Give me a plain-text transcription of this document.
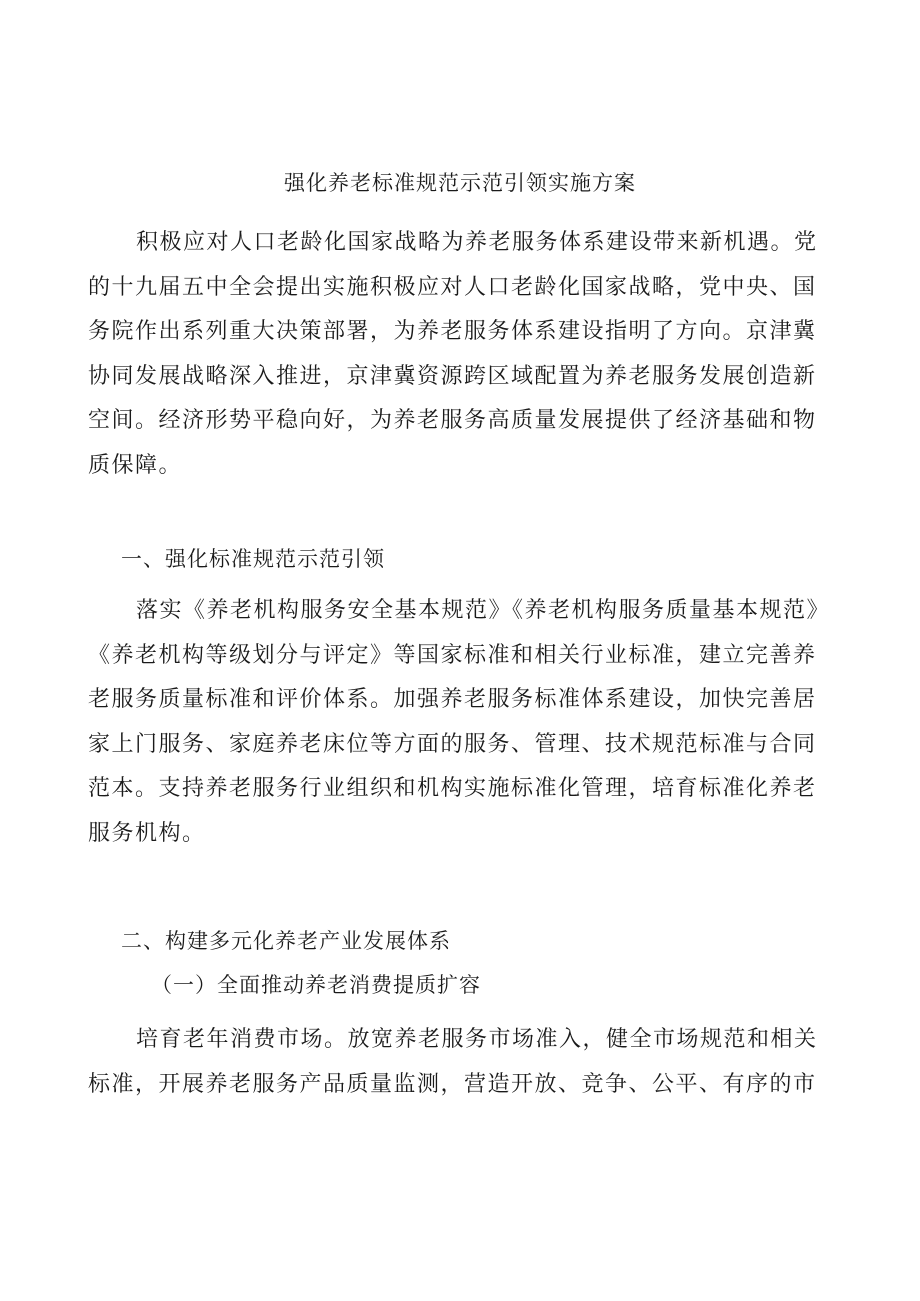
强化养老标准规范示范引领实施方案
积极应对人口老龄化国家战略为养老服务体系建设带来新机遇。党
的十九届五中全会提出实施积极应对人口老龄化国家战略，党中央、国
务院作出系列重大决策部署，为养老服务体系建设指明了方向。京津冀
协同发展战略深入推进，京津冀资源跨区域配置为养老服务发展创造新
空间。经济形势平稳向好，为养老服务高质量发展提供了经济基础和物
质保障。
一、强化标准规范示范引领
落实《养老机构服务安全基本规范》《养老机构服务质量基本规范》
《养老机构等级划分与评定》等国家标准和相关行业标准，建立完善养
老服务质量标准和评价体系。加强养老服务标准体系建设，加快完善居
家上门服务、家庭养老床位等方面的服务、管理、技术规范标准与合同
范本。支持养老服务行业组织和机构实施标准化管理，培育标准化养老
服务机构。
二、构建多元化养老产业发展体系
（一）全面推动养老消费提质扩容
培育老年消费市场。放宽养老服务市场准入，健全市场规范和相关
标准，开展养老服务产品质量监测，营造开放、竞争、公平、有序的市
